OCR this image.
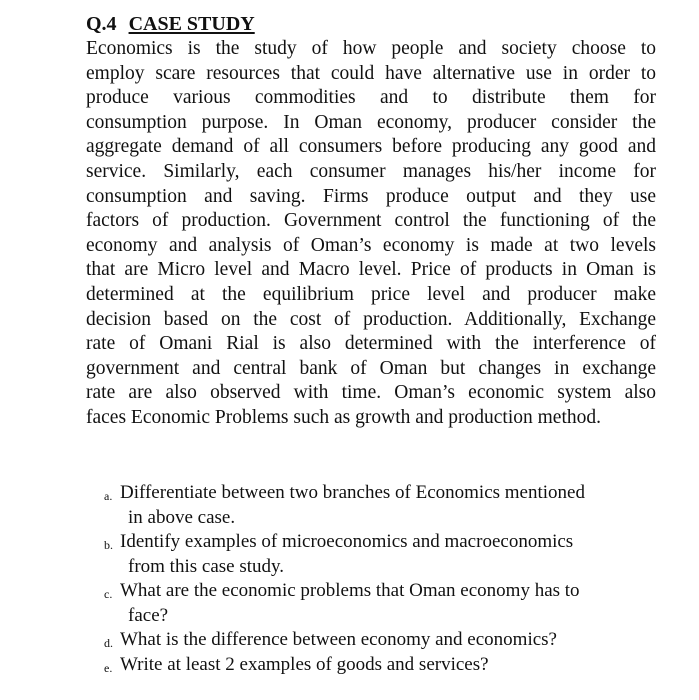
Q.4 CASE STUDY
Economics is the study of how people and society choose to
employ scare resources that could have alternative use in order to
produce various commodities and to distribute them for
consumption purpose. In Oman economy, producer consider the
aggregate demand of all consumers before producing any good and
service. Similarly, each consumer manages his/her income for
consumption and saving. Firms produce output and they use
factors of production. Government control the functioning of the
economy and analysis of Oman’s economy is made at two levels
that are Micro level and Macro level. Price of products in Oman is
determined at the equilibrium price level and producer make
decision based on the cost of production. Additionally, Exchange
rate of Omani Rial is also determined with the interference of
government and central bank of Oman but changes in exchange
rate are also observed with time. Oman’s economic system also
faces Economic Problems such as growth and production method.
a. Differentiate between two branches of Economics mentioned
in above case.
b. Identify examples of microeconomics and macroeconomics
from this case study.
c. What are the economic problems that Oman economy has to
face?
d. What is the difference between economy and economics?
e. Write at least 2 examples of goods and services?
